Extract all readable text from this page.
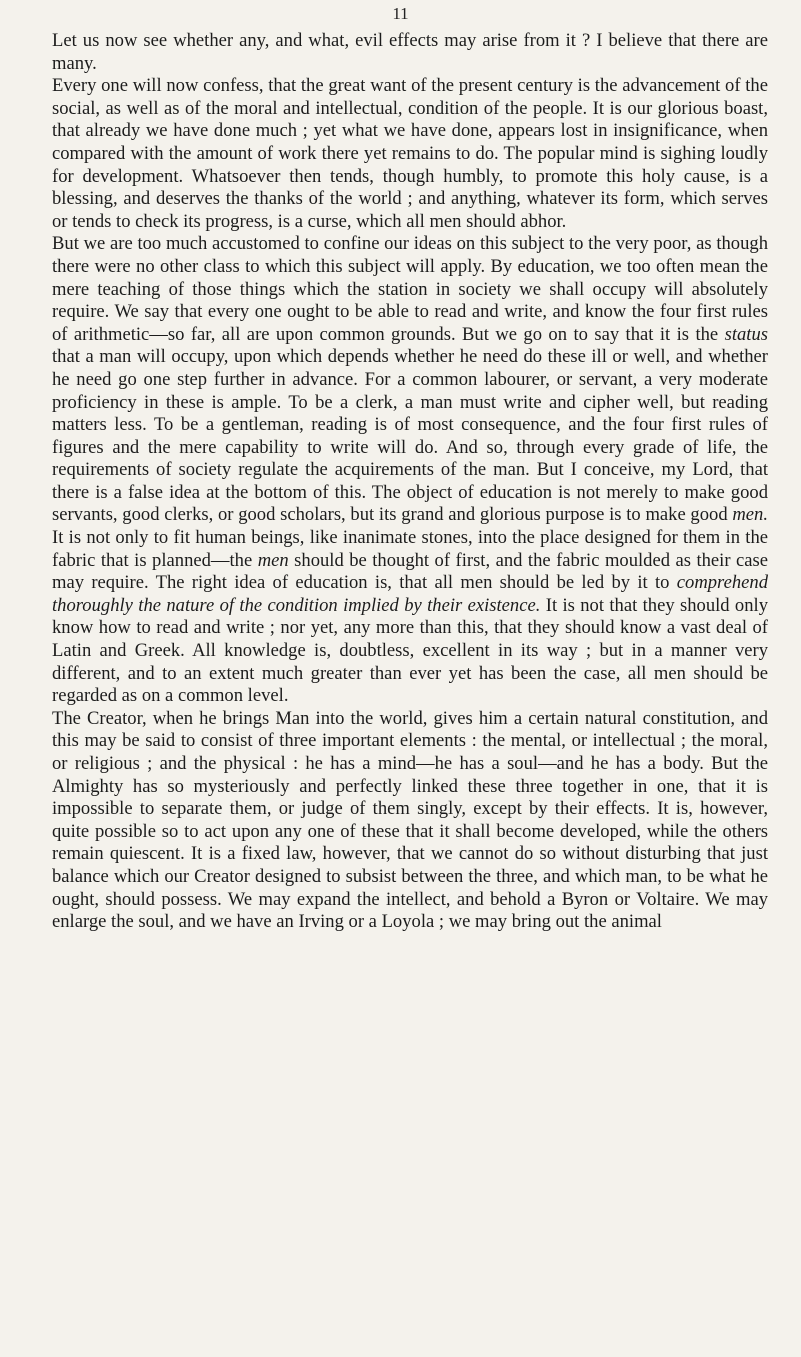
11

Let us now see whether any, and what, evil effects may arise from it ? I believe that there are many.

Every one will now confess, that the great want of the present century is the advancement of the social, as well as of the moral and intellectual, condition of the people. It is our glorious boast, that already we have done much ; yet what we have done, appears lost in insignificance, when compared with the amount of work there yet remains to do. The popular mind is sighing loudly for development. Whatsoever then tends, though humbly, to promote this holy cause, is a blessing, and deserves the thanks of the world ; and anything, whatever its form, which serves or tends to check its progress, is a curse, which all men should abhor.

But we are too much accustomed to confine our ideas on this subject to the very poor, as though there were no other class to which this subject will apply. By education, we too often mean the mere teaching of those things which the station in society we shall occupy will absolutely require. We say that every one ought to be able to read and write, and know the four first rules of arithmetic—so far, all are upon common grounds. But we go on to say that it is the status that a man will occupy, upon which depends whether he need do these ill or well, and whether he need go one step further in advance. For a common labourer, or servant, a very moderate proficiency in these is ample. To be a clerk, a man must write and cipher well, but reading matters less. To be a gentleman, reading is of most consequence, and the four first rules of figures and the mere capability to write will do. And so, through every grade of life, the requirements of society regulate the acquirements of the man. But I conceive, my Lord, that there is a false idea at the bottom of this. The object of education is not merely to make good servants, good clerks, or good scholars, but its grand and glorious purpose is to make good men. It is not only to fit human beings, like inanimate stones, into the place designed for them in the fabric that is planned—the men should be thought of first, and the fabric moulded as their case may require. The right idea of education is, that all men should be led by it to comprehend thoroughly the nature of the condition implied by their existence. It is not that they should only know how to read and write ; nor yet, any more than this, that they should know a vast deal of Latin and Greek. All knowledge is, doubtless, excellent in its way ; but in a manner very different, and to an extent much greater than ever yet has been the case, all men should be regarded as on a common level.

The Creator, when he brings Man into the world, gives him a certain natural constitution, and this may be said to consist of three important elements : the mental, or intellectual ; the moral, or religious ; and the physical : he has a mind—he has a soul—and he has a body. But the Almighty has so mysteriously and perfectly linked these three together in one, that it is impossible to separate them, or judge of them singly, except by their effects. It is, however, quite possible so to act upon any one of these that it shall become developed, while the others remain quiescent. It is a fixed law, however, that we cannot do so without disturbing that just balance which our Creator designed to subsist between the three, and which man, to be what he ought, should possess. We may expand the intellect, and behold a Byron or Voltaire. We may enlarge the soul, and we have an Irving or a Loyola ; we may bring out the animal
